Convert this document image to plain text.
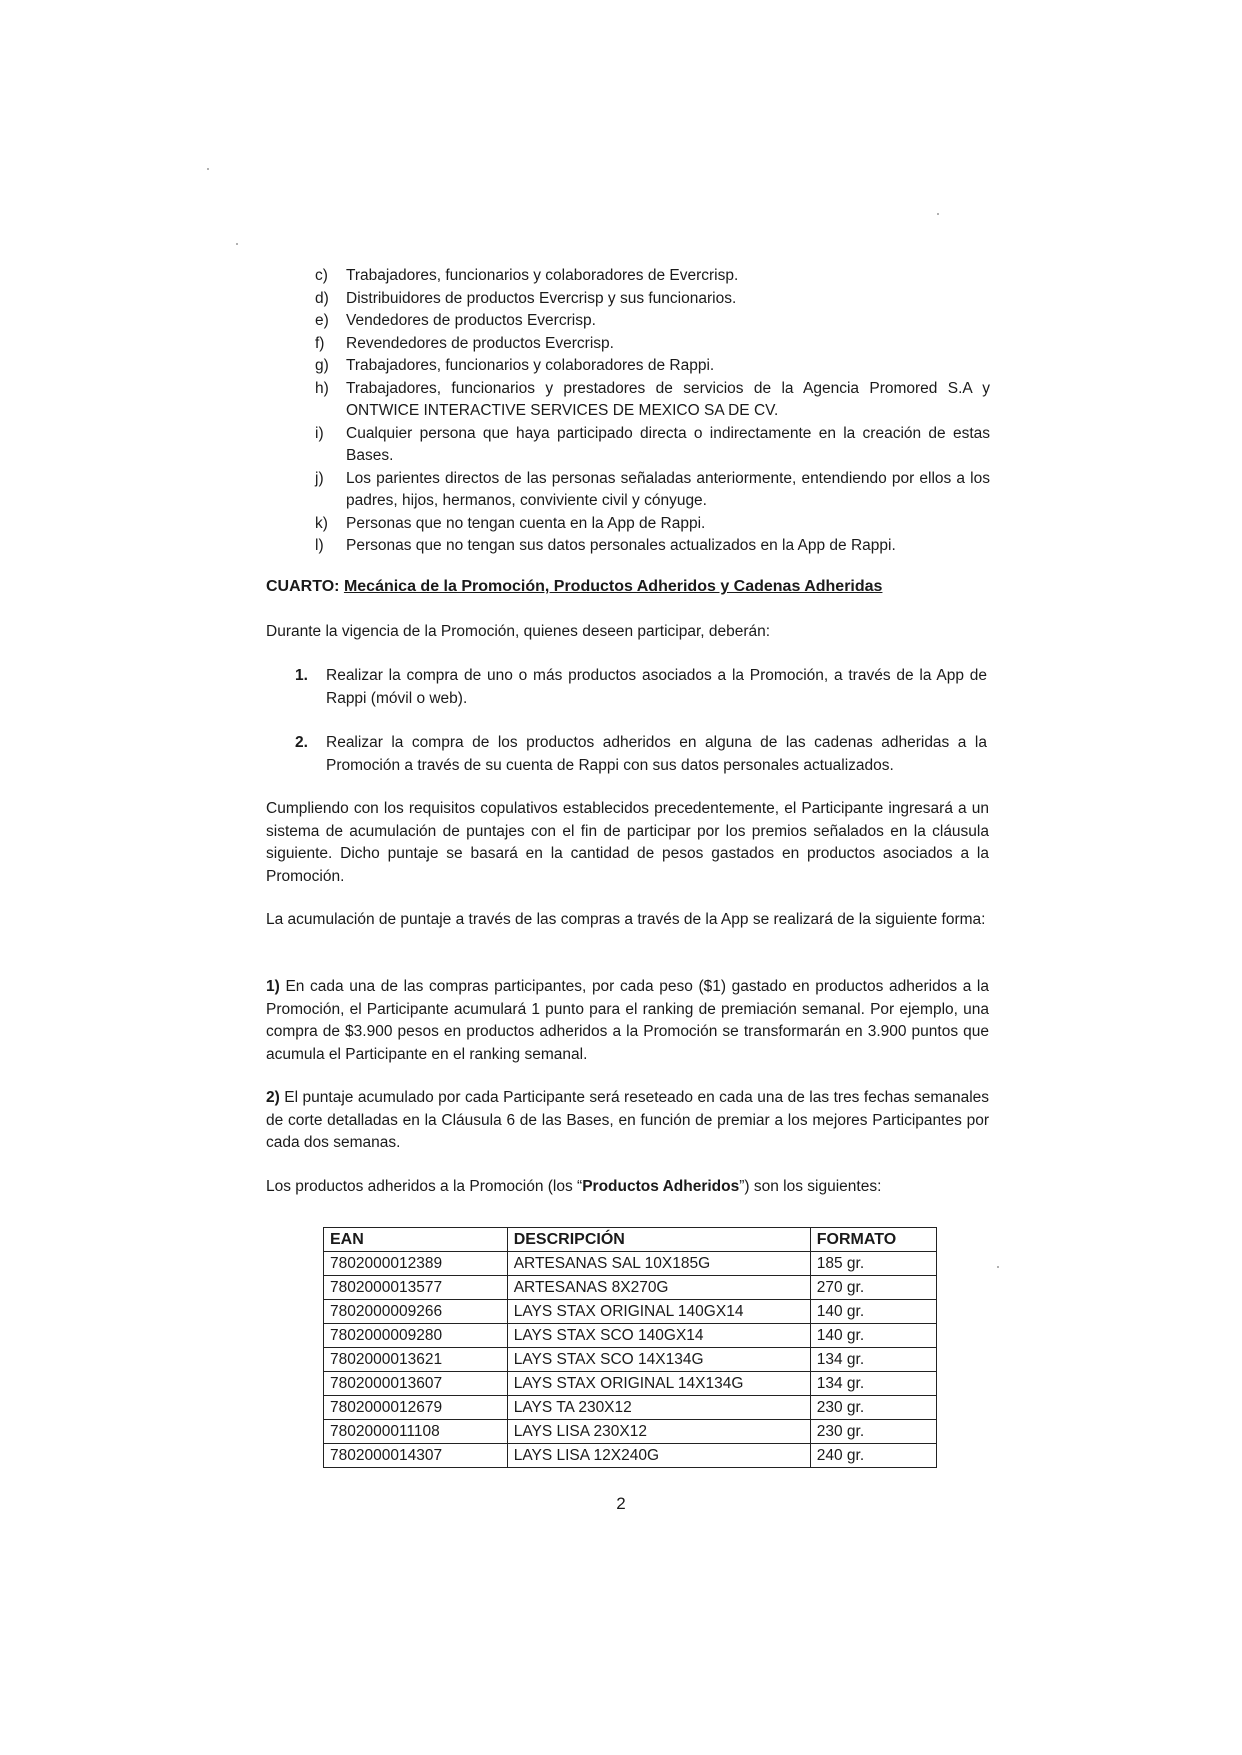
c)	Trabajadores, funcionarios y colaboradores de Evercrisp.
d)	Distribuidores de productos Evercrisp y sus funcionarios.
e)	Vendedores de productos Evercrisp.
f)	Revendedores de productos Evercrisp.
g)	Trabajadores, funcionarios y colaboradores de Rappi.
h)	Trabajadores, funcionarios y prestadores de servicios de la Agencia Promored S.A y ONTWICE INTERACTIVE SERVICES DE MEXICO SA DE CV.
i)	Cualquier persona que haya participado directa o indirectamente en la creación de estas Bases.
j)	Los parientes directos de las personas señaladas anteriormente, entendiendo por ellos a los padres, hijos, hermanos, conviviente civil y cónyuge.
k)	Personas que no tengan cuenta en la App de Rappi.
l)	Personas que no tengan sus datos personales actualizados en la App de Rappi.
CUARTO: Mecánica de la Promoción, Productos Adheridos y Cadenas Adheridas
Durante la vigencia de la Promoción, quienes deseen participar, deberán:
1.	Realizar la compra de uno o más productos asociados a la Promoción, a través de la App de Rappi (móvil o web).
2.	Realizar la compra de los productos adheridos en alguna de las cadenas adheridas a la Promoción a través de su cuenta de Rappi con sus datos personales actualizados.
Cumpliendo con los requisitos copulativos establecidos precedentemente, el Participante ingresará a un sistema de acumulación de puntajes con el fin de participar por los premios señalados en la cláusula siguiente. Dicho puntaje se basará en la cantidad de pesos gastados en productos asociados a la Promoción.
La acumulación de puntaje a través de las compras a través de la App se realizará de la siguiente forma:
1) En cada una de las compras participantes, por cada peso ($1) gastado en productos adheridos a la Promoción, el Participante acumulará 1 punto para el ranking de premiación semanal. Por ejemplo, una compra de $3.900 pesos en productos adheridos a la Promoción se transformarán en 3.900 puntos que acumula el Participante en el ranking semanal.
2) El puntaje acumulado por cada Participante será reseteado en cada una de las tres fechas semanales de corte detalladas en la Cláusula 6 de las Bases, en función de premiar a los mejores Participantes por cada dos semanas.
Los productos adheridos a la Promoción (los “Productos Adheridos”) son los siguientes:
EAN	DESCRIPCIÓN	FORMATO
7802000012389	ARTESANAS SAL 10X185G	185 gr.
7802000013577	ARTESANAS 8X270G	270 gr.
7802000009266	LAYS STAX ORIGINAL 140GX14	140 gr.
7802000009280	LAYS STAX SCO 140GX14	140 gr.
7802000013621	LAYS STAX SCO 14X134G	134 gr.
7802000013607	LAYS STAX ORIGINAL 14X134G	134 gr.
7802000012679	LAYS TA 230X12	230 gr.
7802000011108	LAYS LISA 230X12	230 gr.
7802000014307	LAYS LISA 12X240G	240 gr.
2
